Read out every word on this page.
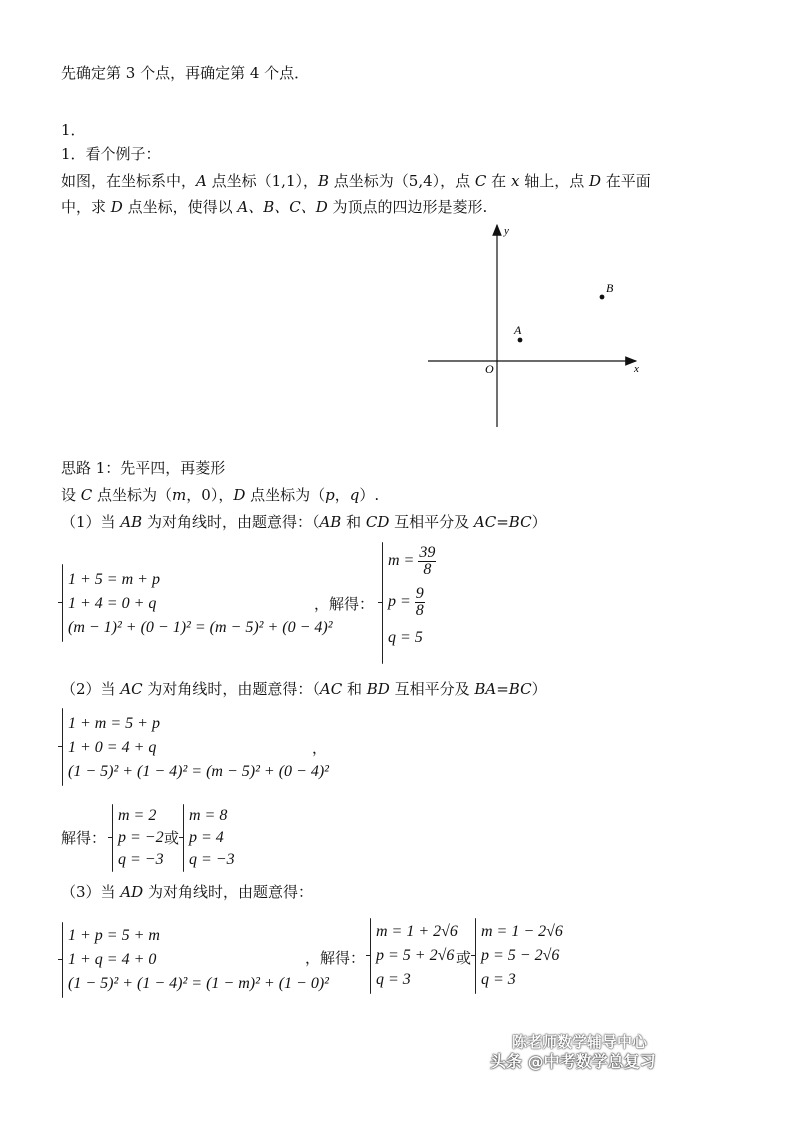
先确定第 3 个点，再确定第 4 个点．
1．
1．看个例子：
如图，在坐标系中，A 点坐标（1,1），B 点坐标为（5,4），点 C 在 x 轴上，点 D 在平面
中，求 D 点坐标，使得以 A、B、C、D 为顶点的四边形是菱形.
x
y
O
A
B
思路 1：先平四，再菱形
设 C 点坐标为（m，0），D 点坐标为（p，q）.
（1）当 AB 为对角线时，由题意得：（AB 和 CD 互相平分及 AC=BC）
1 + 5 = m + p
1 + 4 = 0 + q
(m − 1)² + (0 − 1)² = (m − 5)² + (0 − 4)²
，解得：
$m = \frac{39}{8}$
$p = \frac{9}{8}$
q = 5
（2）当 AC 为对角线时，由题意得：（AC 和 BD 互相平分及 BA=BC）
1 + m = 5 + p
1 + 0 = 4 + q
(1 − 5)² + (1 − 4)² = (m − 5)² + (0 − 4)²
，
解得：
m = 2
p = −2
q = −3
或
m = 8
p = 4
q = −3
（3）当 AD 为对角线时，由题意得：
1 + p = 5 + m
1 + q = 4 + 0
(1 − 5)² + (1 − 4)² = (1 − m)² + (1 − 0)²
，解得：
m = 1 + 2√6
p = 5 + 2√6
q = 3
或
m = 1 − 2√6
p = 5 − 2√6
q = 3
陈老师数学辅导中心
头条 @中考数学总复习
